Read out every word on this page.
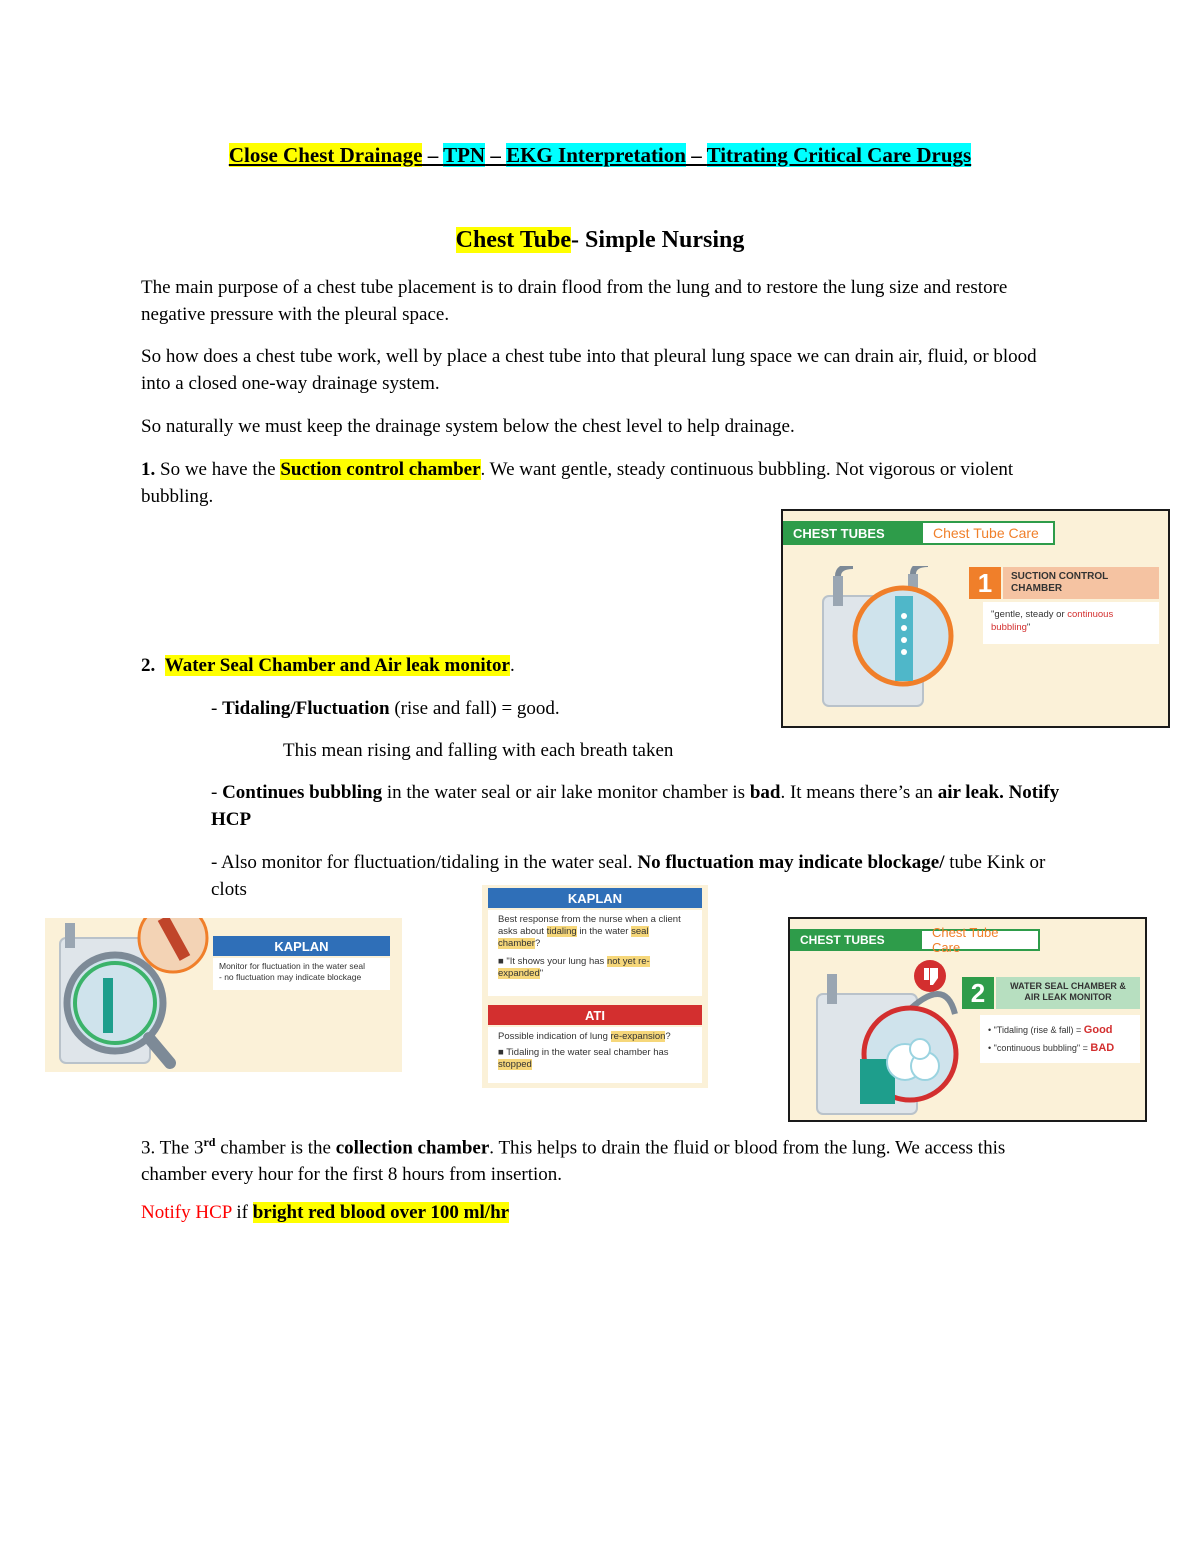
Close Chest Drainage – TPN – EKG Interpretation – Titrating Critical Care Drugs
Chest Tube- Simple Nursing

The main purpose of a chest tube placement is to drain flood from the lung and to restore the lung size and restore negative pressure with the pleural space.

So how does a chest tube work, well by place a chest tube into that pleural lung space we can drain air, fluid, or blood into a closed one-way drainage system.

So naturally we must keep the drainage system below the chest level to help drainage.

1. So we have the Suction control chamber. We want gentle, steady continuous bubbling. Not vigorous or violent bubbling.

CHEST TUBES	Chest Tube Care
1	SUCTION CONTROL CHAMBER
"gentle, steady or continuous bubbling"

2. Water Seal Chamber and Air leak monitor.

- Tidaling/Fluctuation (rise and fall) = good.

This mean rising and falling with each breath taken

- Continues bubbling in the water seal or air lake monitor chamber is bad. It means there’s an air leak. Notify HCP

- Also monitor for fluctuation/tidaling in the water seal. No fluctuation may indicate blockage/ tube Kink or clots

KAPLAN
Monitor for fluctuation in the water seal
- no fluctuation may indicate blockage
KAPLAN
Best response from the nurse when a client asks about tidaling in the water seal chamber?
■ "It shows your lung has not yet re-expanded"
ATI
Possible indication of lung re-expansion?
■ Tidaling in the water seal chamber has stopped
CHEST TUBES	Chest Tube Care
2	WATER SEAL CHAMBER & AIR LEAK MONITOR
• "Tidaling (rise & fall) = Good
• "continuous bubbling" = BAD

3. The 3rd chamber is the collection chamber. This helps to drain the fluid or blood from the lung. We access this chamber every hour for the first 8 hours from insertion.

Notify HCP if bright red blood over 100 ml/hr
